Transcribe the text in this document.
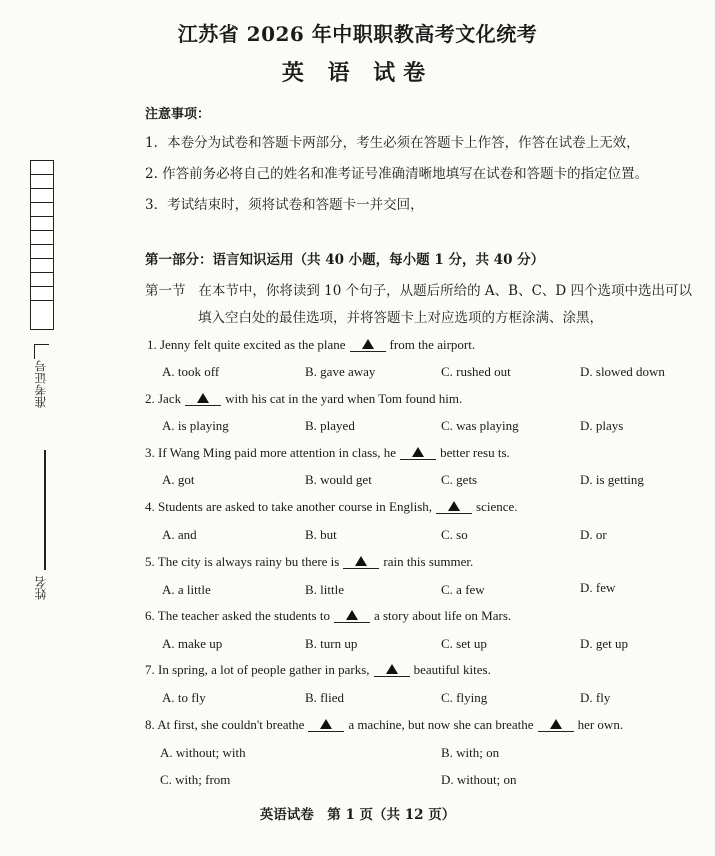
准考证号
姓名
江苏省 2026 年中职职教高考文化统考
英 语 试卷
注意事项：
1．本卷分为试卷和答题卡两部分，考生必须在答题卡上作答，作答在试卷上无效，
2. 作答前务必将自己的姓名和准考证号准确清晰地填写在试卷和答题卡的指定位置。
3．考试结束时，须将试卷和答题卡一并交回，
第一部分：语言知识运用（共 40 小题，每小题 1 分，共 40 分）
第一节 在本节中，你将读到 10 个句子，从题后所给的 A、B、C、D 四个选项中选出可以
填入空白处的最佳选项，并将答题卡上对应选项的方框涂满、涂黑，
1. Jenny felt quite excited as the plane	from the airport.
A. took off	B. gave away	C. rushed out	D. slowed down
2. Jack	with his cat in the yard when Tom found him.
A. is playing	B. played	C. was playing	D. plays
3. If Wang Ming paid more attention in class, he	better resu ts.
A. got	B. would get	C. gets	D. is getting
4. Students are asked to take another course in English,	science.
A. and	B. but	C. so	D. or
5. The city is always rainy bu there is	rain this summer.
A. a little	B. little	C. a few	D. few
6. The teacher asked the students to	a story about life on Mars.
A. make up	B. turn up	C. set up	D. get up
7. In spring, a lot of people gather in parks,	beautiful kites.
A. to fly	B. flied	C. flying	D. fly
8. At first, she couldn't breathe	a machine, but now she can breathe	her own.
A. without; with	B. with; on
C. with; from	D. without; on
英语试卷　第 1 页（共 12 页）
